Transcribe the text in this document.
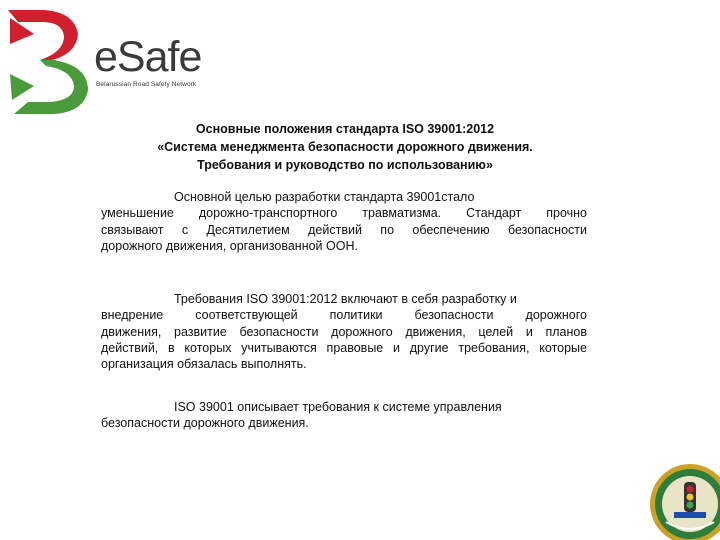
eSafe
Belarussian Road Safety Network
Основные положения стандарта ISO 39001:2012
«Система менеджмента безопасности дорожного движения.
Требования и руководство по использованию»
Основной целью разработки стандарта 39001стало
уменьшение дорожно-транспортного травматизма. Стандарт прочно
связывают с Десятилетием действий по обеспечению безопасности
дорожного движения, организованной ООН.
Требования ISO 39001:2012 включают в себя разработку и
внедрение соответствующей политики безопасности дорожного
движения, развитие безопасности дорожного движения, целей и планов
действий, в которых учитываются правовые и другие требования, которые
организация обязалась выполнять.
ISO 39001 описывает требования к системе управления
безопасности дорожного движения.
